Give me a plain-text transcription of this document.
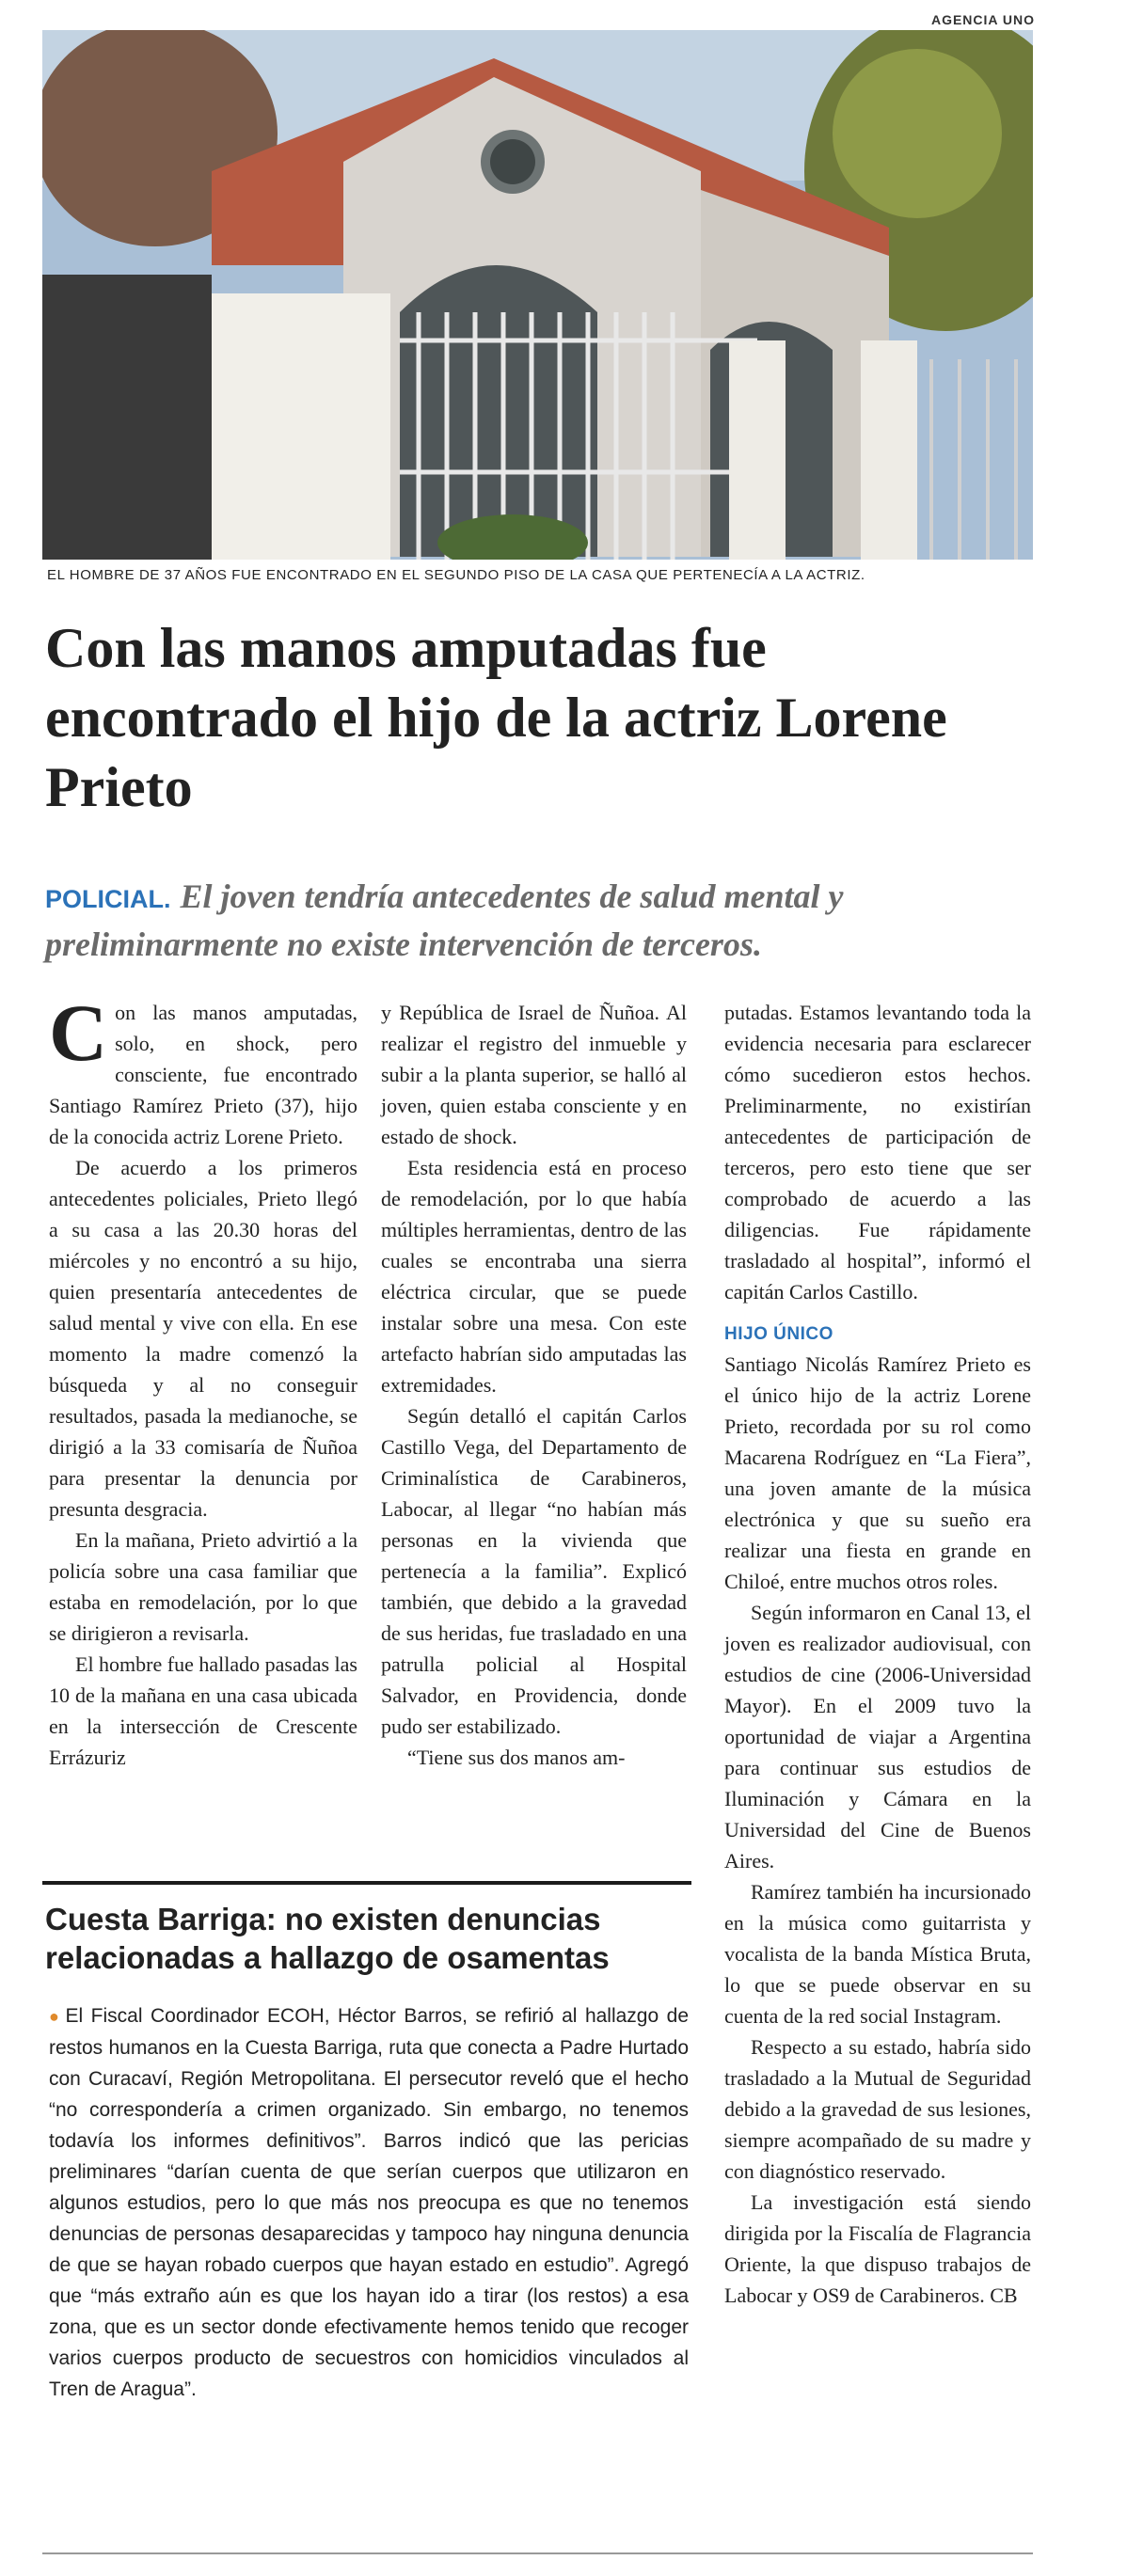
AGENCIA UNO
EL HOMBRE DE 37 AÑOS FUE ENCONTRADO EN EL SEGUNDO PISO DE LA CASA QUE PERTENECÍA A LA ACTRIZ.
Con las manos amputadas fue encontrado el hijo de la actriz Lorene Prieto
POLICIAL. El joven tendría antecedentes de salud mental y preliminarmente no existe intervención de terceros.

Con las manos amputadas, solo, en shock, pero consciente, fue encontrado Santiago Ramírez Prieto (37), hijo de la conocida actriz Lorene Prieto.

De acuerdo a los primeros antecedentes policiales, Prieto llegó a su casa a las 20.30 horas del miércoles y no encontró a su hijo, quien presentaría antecedentes de salud mental y vive con ella. En ese momento la madre comenzó la búsqueda y al no conseguir resultados, pasada la medianoche, se dirigió a la 33 comisaría de Ñuñoa para presentar la denuncia por presunta desgracia.

En la mañana, Prieto advirtió a la policía sobre una casa familiar que estaba en remodelación, por lo que se dirigieron a revisarla.

El hombre fue hallado pasadas las 10 de la mañana en una casa ubicada en la intersección de Crescente Errázuriz

y República de Israel de Ñuñoa. Al realizar el registro del inmueble y subir a la planta superior, se halló al joven, quien estaba consciente y en estado de shock.

Esta residencia está en proceso de remodelación, por lo que había múltiples herramientas, dentro de las cuales se encontraba una sierra eléctrica circular, que se puede instalar sobre una mesa. Con este artefacto habrían sido amputadas las extremidades.

Según detalló el capitán Carlos Castillo Vega, del Departamento de Criminalística de Carabineros, Labocar, al llegar “no habían más personas en la vivienda que pertenecía a la familia”. Explicó también, que debido a la gravedad de sus heridas, fue trasladado en una patrulla policial al Hospital Salvador, en Providencia, donde pudo ser estabilizado.

“Tiene sus dos manos am-

putadas. Estamos levantando toda la evidencia necesaria para esclarecer cómo sucedieron estos hechos. Preliminarmente, no existirían antecedentes de participación de terceros, pero esto tiene que ser comprobado de acuerdo a las diligencias. Fue rápidamente trasladado al hospital”, informó el capitán Carlos Castillo.

HIJO ÚNICO

Santiago Nicolás Ramírez Prieto es el único hijo de la actriz Lorene Prieto, recordada por su rol como Macarena Rodríguez en “La Fiera”, una joven amante de la música electrónica y que su sueño era realizar una fiesta en grande en Chiloé, entre muchos otros roles.

Según informaron en Canal 13, el joven es realizador audiovisual, con estudios de cine (2006-Universidad Mayor). En el 2009 tuvo la oportunidad de viajar a Argentina para continuar sus estudios de Iluminación y Cámara en la Universidad del Cine de Buenos Aires.

Ramírez también ha incursionado en la música como guitarrista y vocalista de la banda Mística Bruta, lo que se puede observar en su cuenta de la red social Instagram.

Respecto a su estado, habría sido trasladado a la Mutual de Seguridad debido a la gravedad de sus lesiones, siempre acompañado de su madre y con diagnóstico reservado.

La investigación está siendo dirigida por la Fiscalía de Flagrancia Oriente, la que dispuso trabajos de Labocar y OS9 de Carabineros. CB

Cuesta Barriga: no existen denuncias relacionadas a hallazgo de osamentas

● El Fiscal Coordinador ECOH, Héctor Barros, se refirió al hallazgo de restos humanos en la Cuesta Barriga, ruta que conecta a Padre Hurtado con Curacaví, Región Metropolitana. El persecutor reveló que el hecho “no correspondería a crimen organizado. Sin embargo, no tenemos todavía los informes definitivos”. Barros indicó que las pericias preliminares “darían cuenta de que serían cuerpos que utilizaron en algunos estudios, pero lo que más nos preocupa es que no tenemos denuncias de personas desaparecidas y tampoco hay ninguna denuncia de que se hayan robado cuerpos que hayan estado en estudio”. Agregó que “más extraño aún es que los hayan ido a tirar (los restos) a esa zona, que es un sector donde efectivamente hemos tenido que recoger varios cuerpos producto de secuestros con homicidios vinculados al Tren de Aragua”.
